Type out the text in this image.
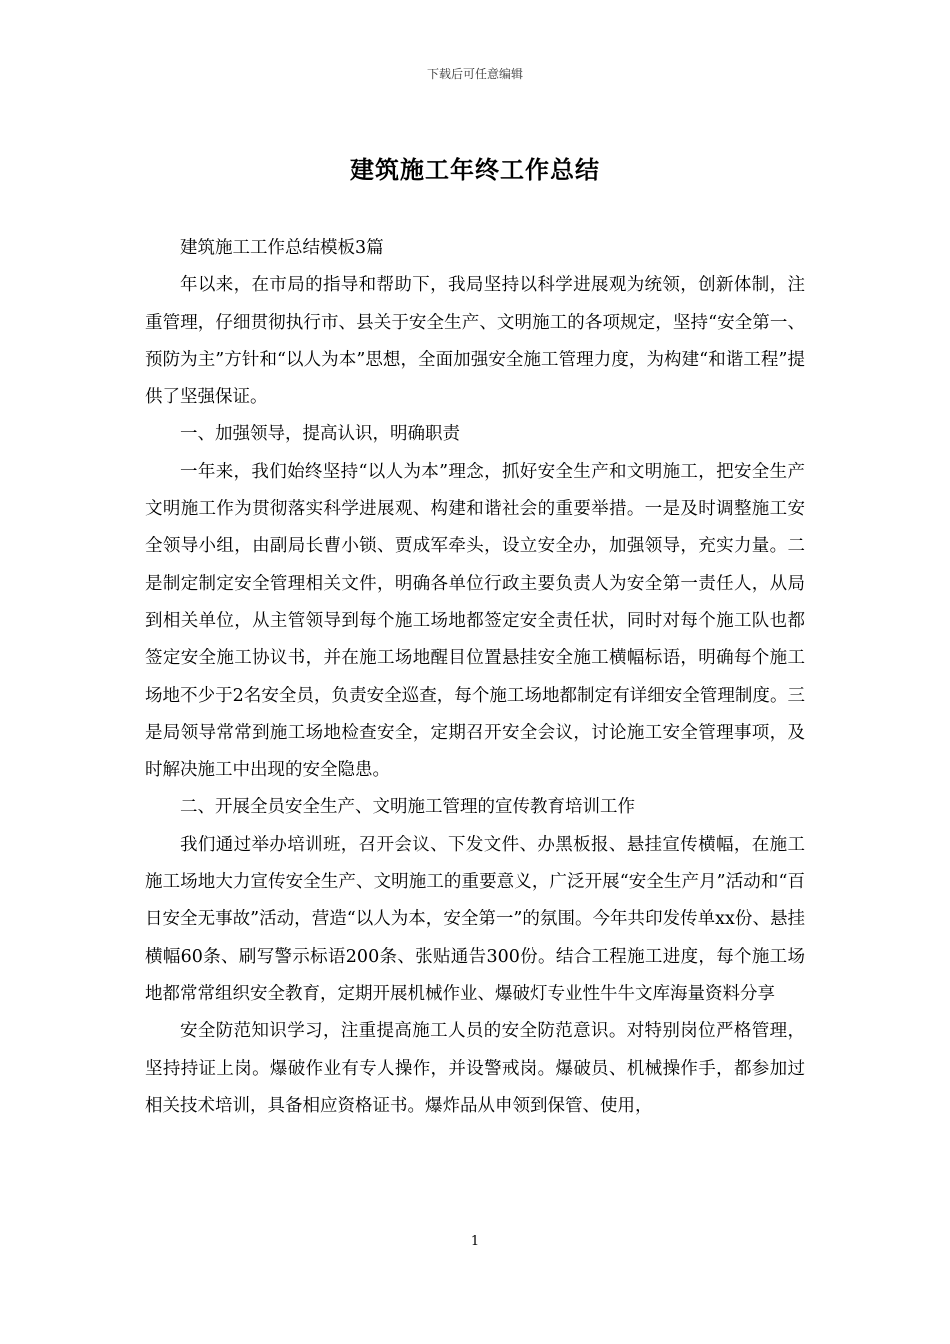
下载后可任意编辑
建筑施工年终工作总结

建筑施工工作总结模板3篇

年以来，在市局的指导和帮助下，我局坚持以科学进展观为统领，创新体制，注重管理，仔细贯彻执行市、县关于安全生产、文明施工的各项规定，坚持“安全第一、预防为主”方针和“以人为本”思想，全面加强安全施工管理力度，为构建“和谐工程”提供了坚强保证。

一、加强领导，提高认识，明确职责

一年来，我们始终坚持“以人为本”理念，抓好安全生产和文明施工，把安全生产文明施工作为贯彻落实科学进展观、构建和谐社会的重要举措。一是及时调整施工安全领导小组，由副局长曹小锁、贾成军牵头，设立安全办，加强领导，充实力量。二是制定制定安全管理相关文件，明确各单位行政主要负责人为安全第一责任人，从局到相关单位，从主管领导到每个施工场地都签定安全责任状，同时对每个施工队也都签定安全施工协议书，并在施工场地醒目位置悬挂安全施工横幅标语，明确每个施工场地不少于2名安全员，负责安全巡查，每个施工场地都制定有详细安全管理制度。三是局领导常常到施工场地检查安全，定期召开安全会议，讨论施工安全管理事项，及时解决施工中出现的安全隐患。

二、开展全员安全生产、文明施工管理的宣传教育培训工作

我们通过举办培训班，召开会议、下发文件、办黑板报、悬挂宣传横幅，在施工施工场地大力宣传安全生产、文明施工的重要意义，广泛开展“安全生产月”活动和“百日安全无事故”活动，营造“以人为本，安全第一”的氛围。今年共印发传单xx份、悬挂横幅60条、刷写警示标语200条、张贴通告300份。结合工程施工进度，每个施工场地都常常组织安全教育，定期开展机械作业、爆破灯专业性牛牛文库海量资料分享

安全防范知识学习，注重提高施工人员的安全防范意识。对特别岗位严格管理，坚持持证上岗。爆破作业有专人操作，并设警戒岗。爆破员、机械操作手，都参加过相关技术培训，具备相应资格证书。爆炸品从申领到保管、使用，

1
